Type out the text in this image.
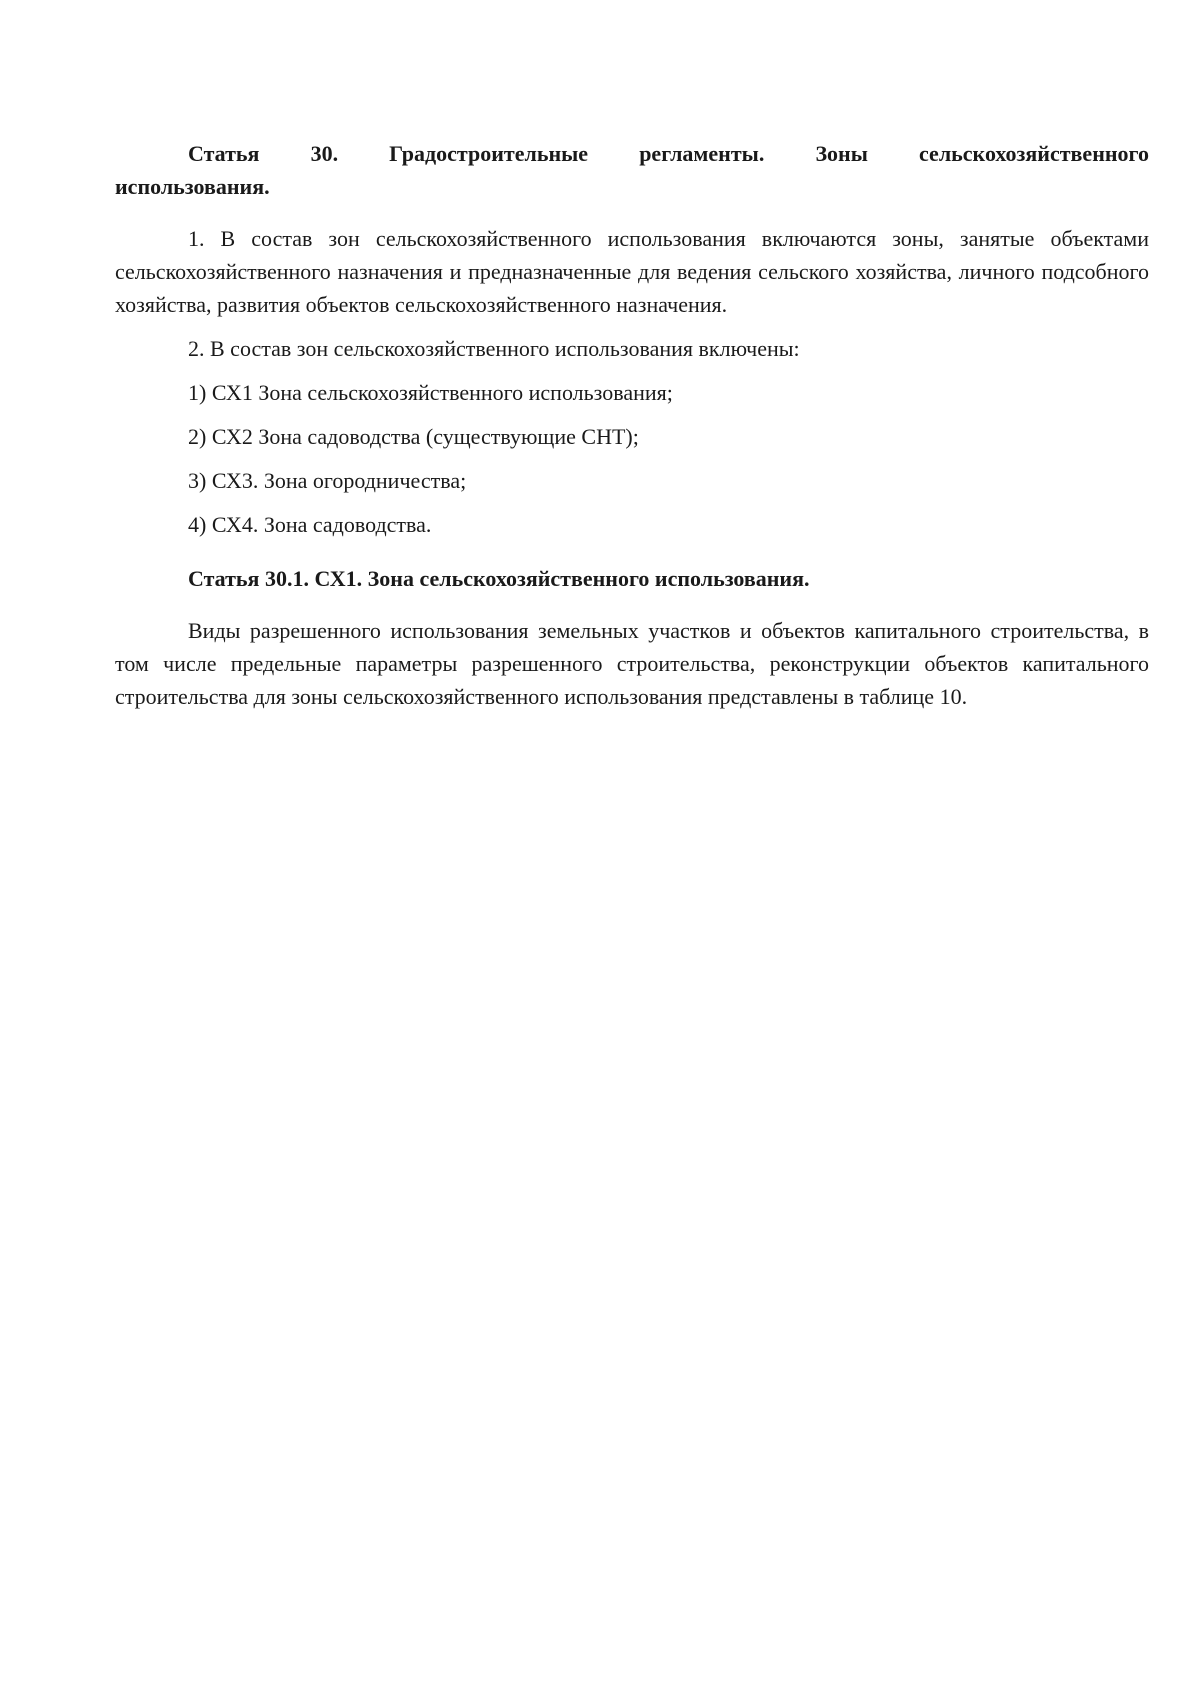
Статья 30. Градостроительные регламенты. Зоны сельскохозяйственного использования.

1. В состав зон сельскохозяйственного использования включаются зоны, занятые объектами сельскохозяйственного назначения и предназначенные для ведения сельского хозяйства, личного подсобного хозяйства, развития объектов сельскохозяйственного назначения.

2. В состав зон сельскохозяйственного использования включены:

1) СХ1 Зона сельскохозяйственного использования;

2) СХ2 Зона садоводства (существующие СНТ);

3) СХ3. Зона огородничества;

4) СХ4. Зона садоводства.

Статья 30.1. СХ1. Зона сельскохозяйственного использования.

Виды разрешенного использования земельных участков и объектов капитального строительства, в том числе предельные параметры разрешенного строительства, реконструкции объектов капитального строительства для зоны сельскохозяйственного использования представлены в таблице 10.
